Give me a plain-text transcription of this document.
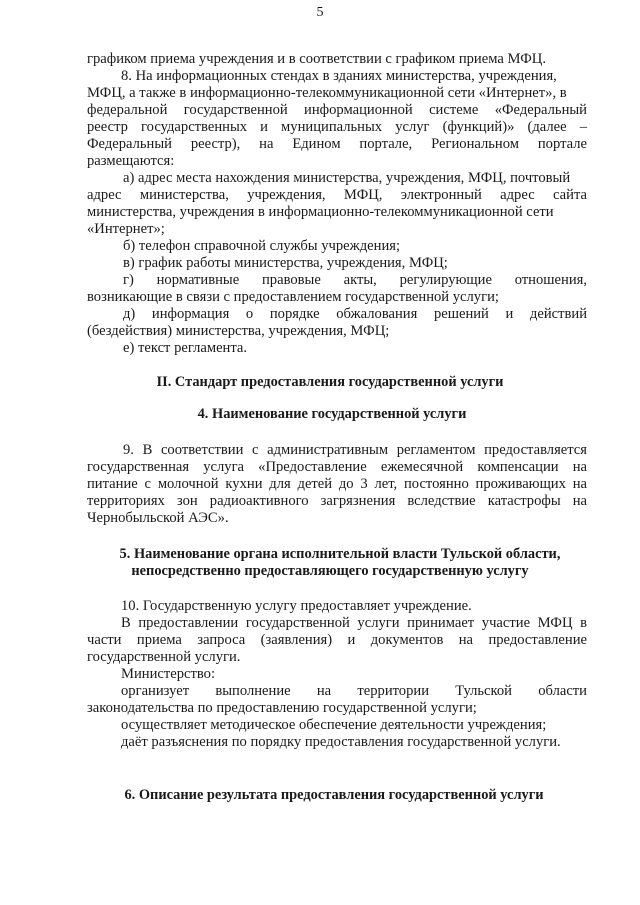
5
графиком приема учреждения и в соответствии с графиком приема МФЦ.
8. На информационных стендах в зданиях министерства, учреждения,
МФЦ, а также в информационно-телекоммуникационной сети «Интернет», в
федеральной государственной информационной системе «Федеральный
реестр государственных и муниципальных услуг (функций)» (далее –
Федеральный реестр), на Едином портале, Региональном портале
размещаются:
а) адрес места нахождения министерства, учреждения, МФЦ, почтовый
адрес министерства, учреждения, МФЦ, электронный адрес сайта
министерства, учреждения в информационно-телекоммуникационной сети
«Интернет»;
б) телефон справочной службы учреждения;
в) график работы министерства, учреждения, МФЦ;
г) нормативные правовые акты, регулирующие отношения,
возникающие в связи с предоставлением государственной услуги;
д) информация о порядке обжалования решений и действий
(бездействия) министерства, учреждения, МФЦ;
е) текст регламента.
II. Стандарт предоставления государственной услуги
4. Наименование государственной услуги
9. В соответствии с административным регламентом предоставляется
государственная услуга «Предоставление ежемесячной компенсации на
питание с молочной кухни для детей до 3 лет, постоянно проживающих на
территориях зон радиоактивного загрязнения вследствие катастрофы на
Чернобыльской АЭС».
5. Наименование органа исполнительной власти Тульской области,
непосредственно предоставляющего государственную услугу
10. Государственную услугу предоставляет учреждение.
В предоставлении государственной услуги принимает участие МФЦ в
части приема запроса (заявления) и документов на предоставление
государственной услуги.
Министерство:
организует выполнение на территории Тульской области
законодательства по предоставлению государственной услуги;
осуществляет методическое обеспечение деятельности учреждения;
даёт разъяснения по порядку предоставления государственной услуги.
6. Описание результата предоставления государственной услуги
